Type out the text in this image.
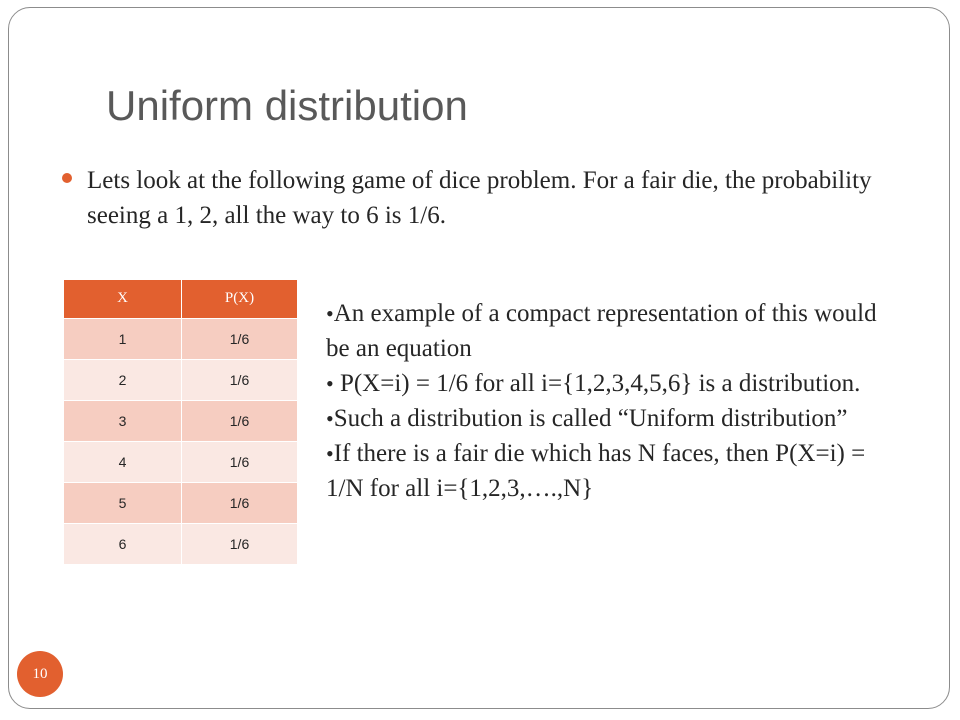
Uniform distribution
Lets look at the following game of dice problem. For a fair die, the probability seeing a 1, 2, all the way to 6 is 1/6.
X	P(X)
1	1/6
2	1/6
3	1/6
4	1/6
5	1/6
6	1/6

•An example of a compact representation of this would be an equation

• P(X=i) = 1/6 for all i={1,2,3,4,5,6} is a distribution.

•Such a distribution is called “Uniform distribution”

•If there is a fair die which has N faces, then P(X=i) = 1/N for all i={1,2,3,….,N}

10
